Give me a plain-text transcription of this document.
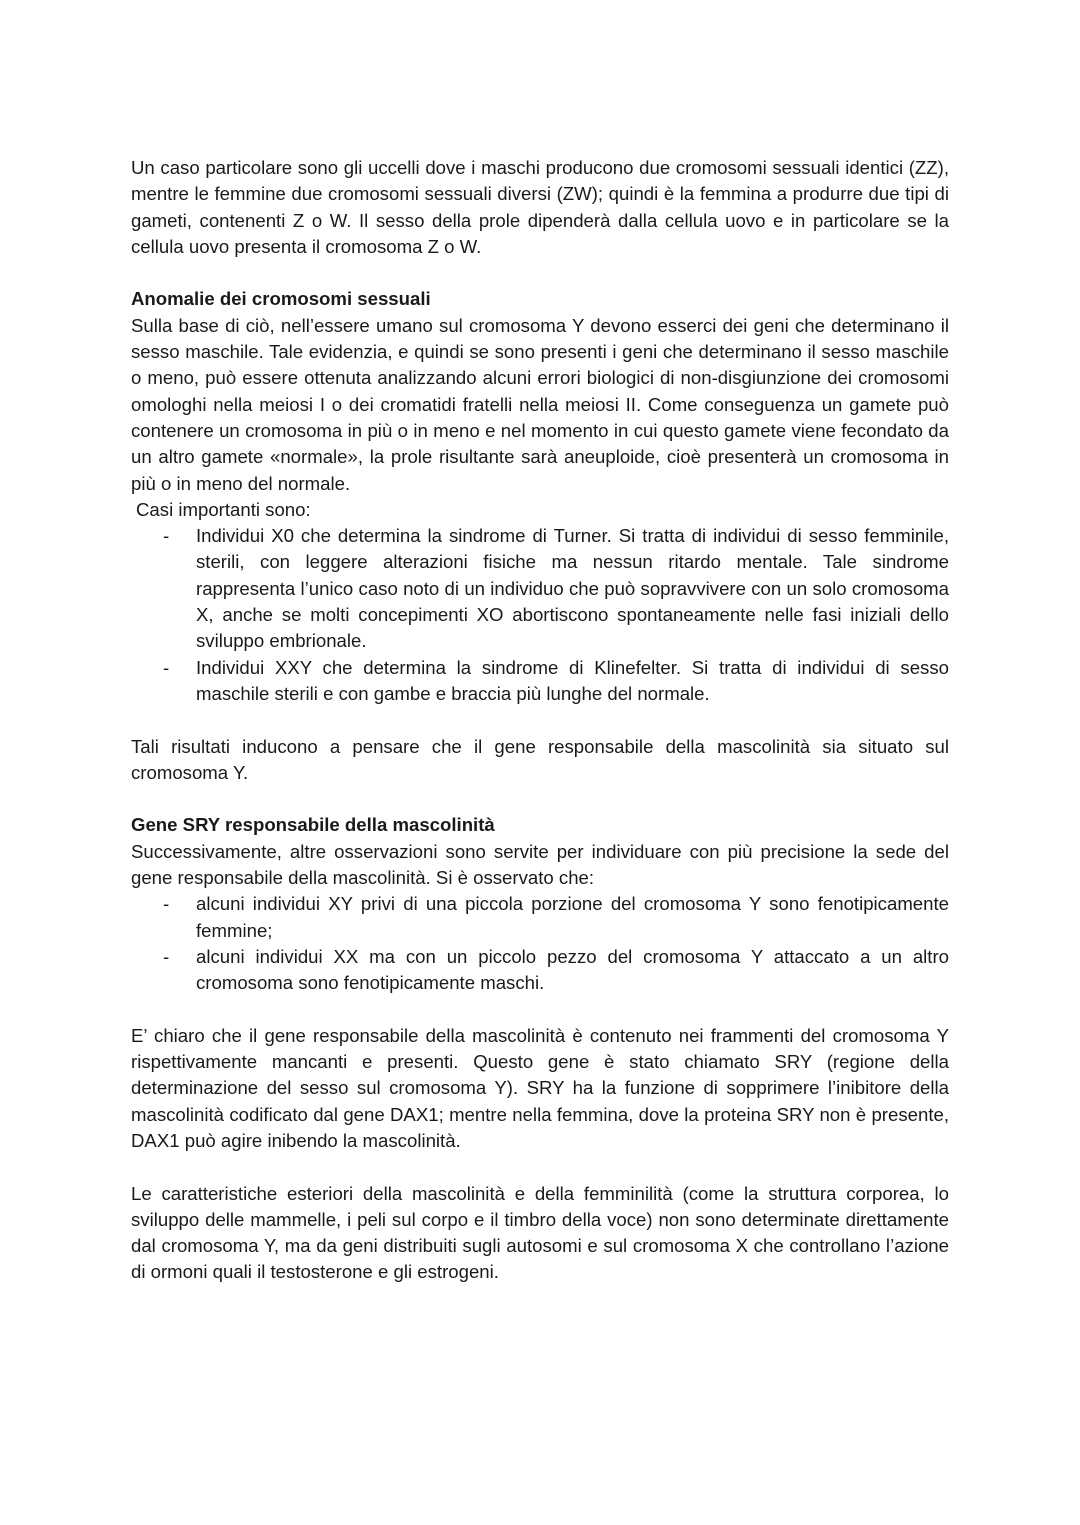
Un caso particolare sono gli uccelli dove i maschi producono due cromosomi sessuali identici (ZZ), mentre le femmine due cromosomi sessuali diversi (ZW); quindi è la femmina a produrre due tipi di gameti, contenenti Z o W. Il sesso della prole dipenderà dalla cellula uovo e in particolare se la cellula uovo presenta il cromosoma Z o W.

Anomalie dei cromosomi sessuali

Sulla base di ciò, nell’essere umano sul cromosoma Y devono esserci dei geni che determinano il sesso maschile. Tale evidenzia, e quindi se sono presenti i geni che determinano il sesso maschile o meno, può essere ottenuta analizzando alcuni errori biologici di non-disgiunzione dei cromosomi omologhi nella meiosi I o dei cromatidi fratelli nella meiosi II. Come conseguenza un gamete può contenere un cromosoma in più o in meno e nel momento in cui questo gamete viene fecondato da un altro gamete «normale», la prole risultante sarà aneuploide, cioè presenterà un cromosoma in più o in meno del normale.

Casi importanti sono:

- Individui X0 che determina la sindrome di Turner. Si tratta di individui di sesso femminile, sterili, con leggere alterazioni fisiche ma nessun ritardo mentale. Tale sindrome rappresenta l’unico caso noto di un individuo che può sopravvivere con un solo cromosoma X, anche se molti concepimenti XO abortiscono spontaneamente nelle fasi iniziali dello sviluppo embrionale.
- Individui XXY che determina la sindrome di Klinefelter. Si tratta di individui di sesso maschile sterili e con gambe e braccia più lunghe del normale.

Tali risultati inducono a pensare che il gene responsabile della mascolinità sia situato sul cromosoma Y.

Gene SRY responsabile della mascolinità

Successivamente, altre osservazioni sono servite per individuare con più precisione la sede del gene responsabile della mascolinità. Si è osservato che:

- alcuni individui XY privi di una piccola porzione del cromosoma Y sono fenotipicamente femmine;
- alcuni individui XX ma con un piccolo pezzo del cromosoma Y attaccato a un altro cromosoma sono fenotipicamente maschi.

E’ chiaro che il gene responsabile della mascolinità è contenuto nei frammenti del cromosoma Y rispettivamente mancanti e presenti. Questo gene è stato chiamato SRY (regione della determinazione del sesso sul cromosoma Y). SRY ha la funzione di sopprimere l’inibitore della mascolinità codificato dal gene DAX1; mentre nella femmina, dove la proteina SRY non è presente, DAX1 può agire inibendo la mascolinità.

Le caratteristiche esteriori della mascolinità e della femminilità (come la struttura corporea, lo sviluppo delle mammelle, i peli sul corpo e il timbro della voce) non sono determinate direttamente dal cromosoma Y, ma da geni distribuiti sugli autosomi e sul cromosoma X che controllano l’azione di ormoni quali il testosterone e gli estrogeni.
